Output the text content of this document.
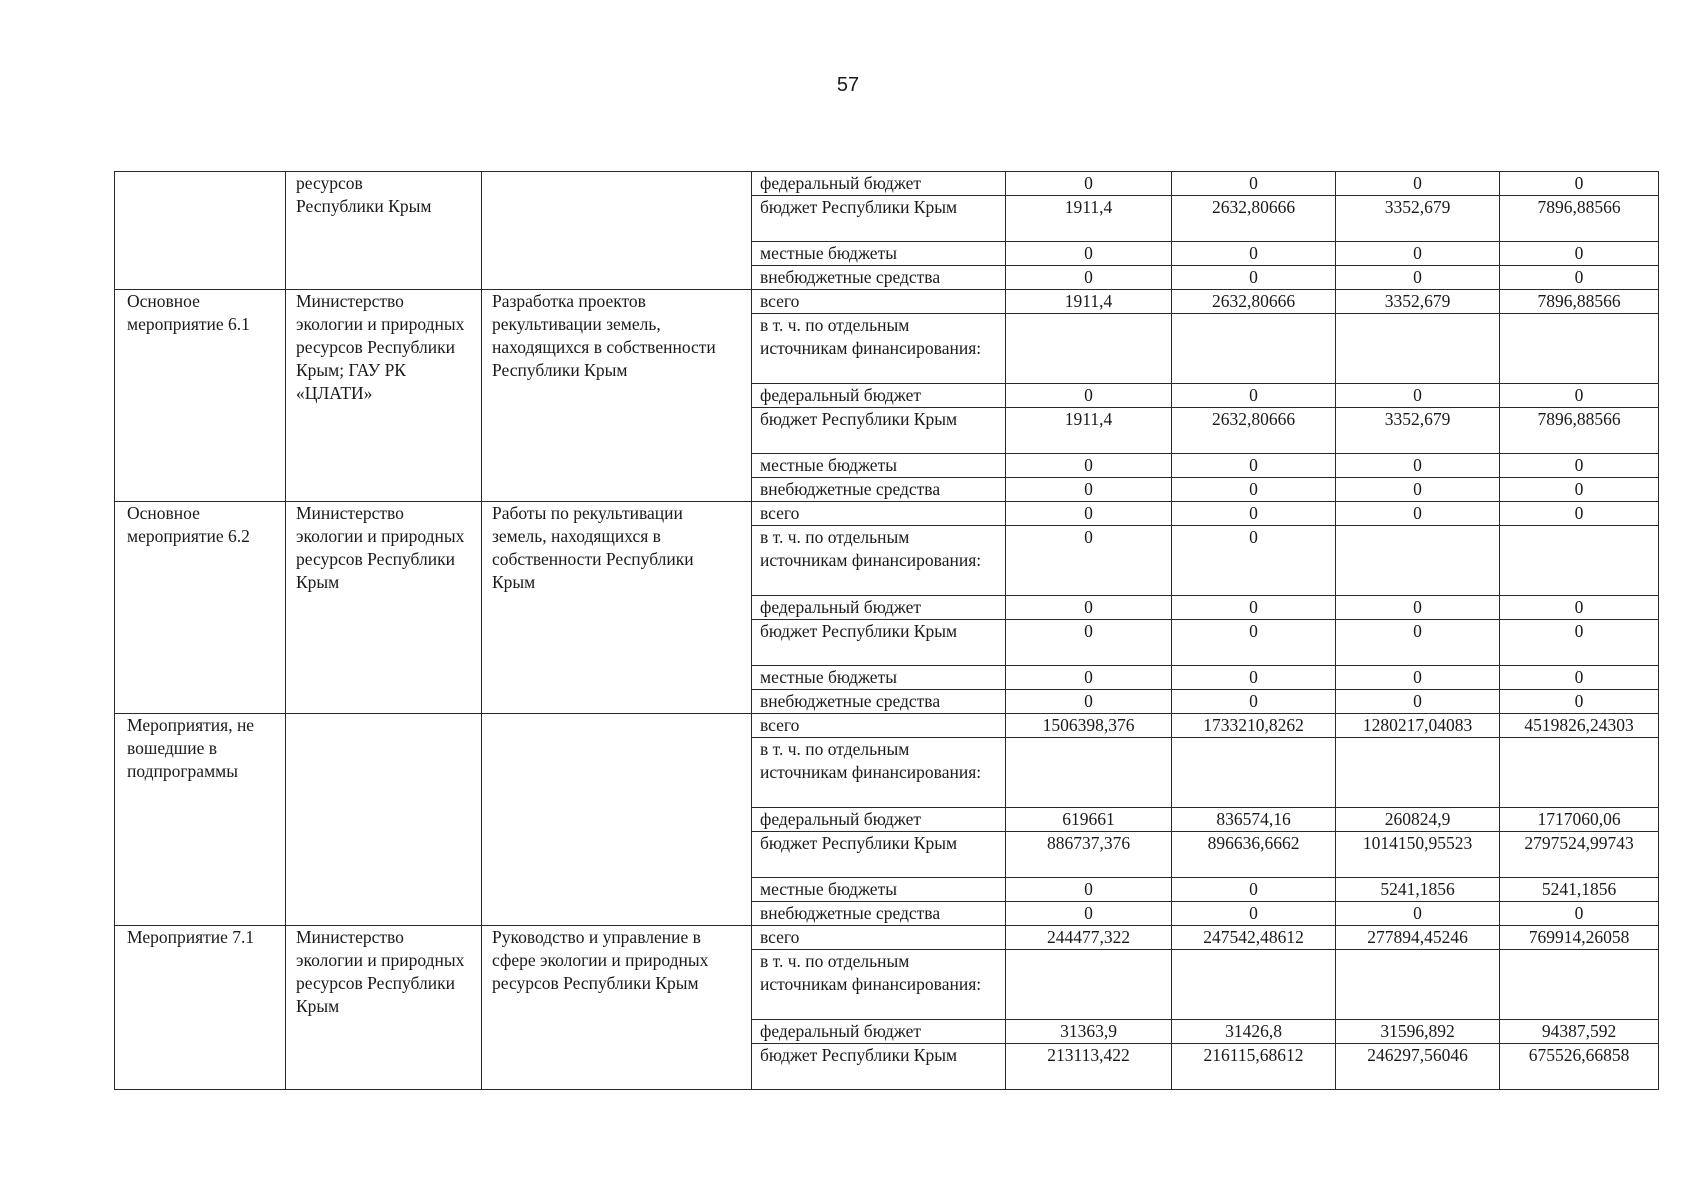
57
	ресурсов
Республики Крым		федеральный бюджет	0	0	0	0
			бюджет Республики Крым	1911,4	2632,80666	3352,679	7896,88566
			местные бюджеты	0	0	0	0
			внебюджетные средства	0	0	0	0
Основное мероприятие 6.1	Министерство экологии и природных ресурсов Республики Крым; ГАУ РК «ЦЛАТИ»	Разработка проектов рекультивации земель, находящихся в собственности Республики Крым	всего	1911,4	2632,80666	3352,679	7896,88566
			в т. ч. по отдельным источникам финансирования:				
			федеральный бюджет	0	0	0	0
			бюджет Республики Крым	1911,4	2632,80666	3352,679	7896,88566
			местные бюджеты	0	0	0	0
			внебюджетные средства	0	0	0	0
Основное мероприятие 6.2	Министерство экологии и природных ресурсов Республики Крым	Работы по рекультивации земель, находящихся в собственности Республики Крым	всего	0	0	0	0
			в т. ч. по отдельным источникам финансирования:	0	0		
			федеральный бюджет	0	0	0	0
			бюджет Республики Крым	0	0	0	0
			местные бюджеты	0	0	0	0
			внебюджетные средства	0	0	0	0
Мероприятия, не вошедшие в подпрограммы			всего	1506398,376	1733210,8262	1280217,04083	4519826,24303
			в т. ч. по отдельным источникам финансирования:				
			федеральный бюджет	619661	836574,16	260824,9	1717060,06
			бюджет Республики Крым	886737,376	896636,6662	1014150,95523	2797524,99743
			местные бюджеты	0	0	5241,1856	5241,1856
			внебюджетные средства	0	0	0	0
Мероприятие 7.1	Министерство экологии и природных ресурсов Республики Крым	Руководство и управление в сфере экологии и природных ресурсов Республики Крым	всего	244477,322	247542,48612	277894,45246	769914,26058
			в т. ч. по отдельным источникам финансирования:				
			федеральный бюджет	31363,9	31426,8	31596,892	94387,592
			бюджет Республики Крым	213113,422	216115,68612	246297,56046	675526,66858
